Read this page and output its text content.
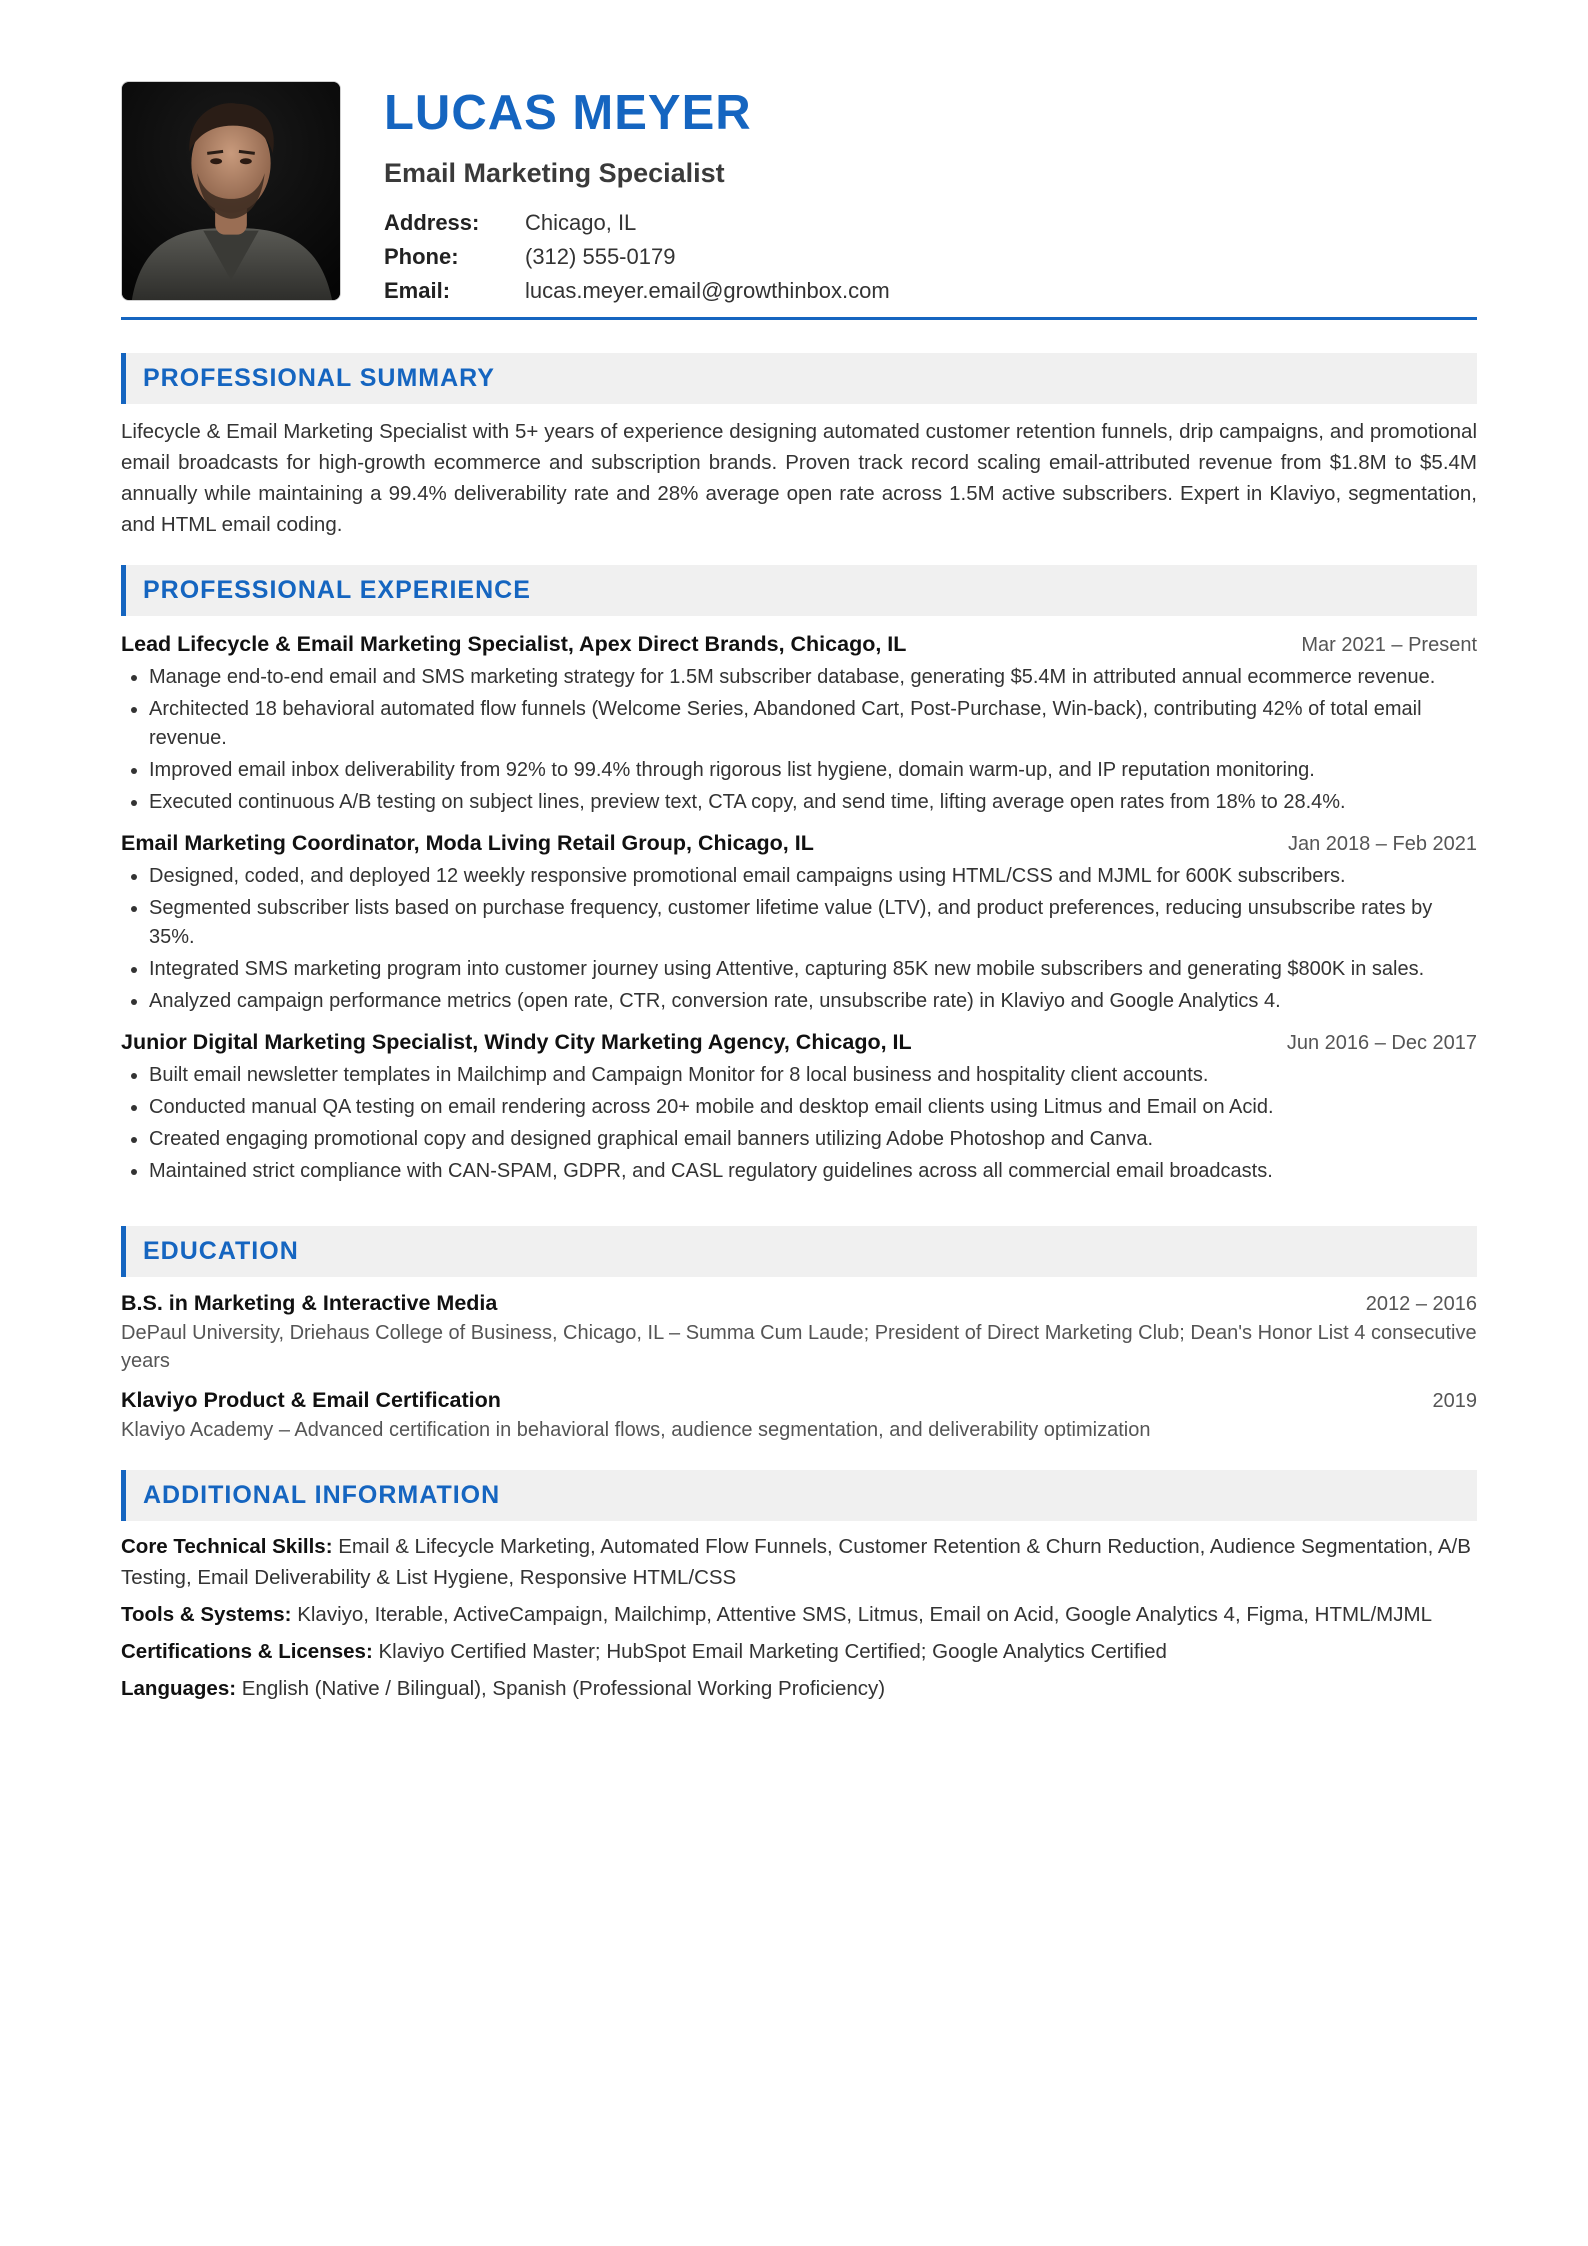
LUCAS MEYER
Email Marketing Specialist
Address:	Chicago, IL
Phone:	(312) 555-0179
Email:	lucas.meyer.email@growthinbox.com
PROFESSIONAL SUMMARY
Lifecycle & Email Marketing Specialist with 5+ years of experience designing automated customer retention funnels, drip campaigns, and promotional email broadcasts for high-growth ecommerce and subscription brands. Proven track record scaling email-attributed revenue from $1.8M to $5.4M annually while maintaining a 99.4% deliverability rate and 28% average open rate across 1.5M active subscribers. Expert in Klaviyo, segmentation, and HTML email coding.
PROFESSIONAL EXPERIENCE
Lead Lifecycle & Email Marketing Specialist, Apex Direct Brands, Chicago, IL	Mar 2021 – Present
• Manage end-to-end email and SMS marketing strategy for 1.5M subscriber database, generating $5.4M in attributed annual ecommerce revenue.
• Architected 18 behavioral automated flow funnels (Welcome Series, Abandoned Cart, Post-Purchase, Win-back), contributing 42% of total email revenue.
• Improved email inbox deliverability from 92% to 99.4% through rigorous list hygiene, domain warm-up, and IP reputation monitoring.
• Executed continuous A/B testing on subject lines, preview text, CTA copy, and send time, lifting average open rates from 18% to 28.4%.
Email Marketing Coordinator, Moda Living Retail Group, Chicago, IL	Jan 2018 – Feb 2021
• Designed, coded, and deployed 12 weekly responsive promotional email campaigns using HTML/CSS and MJML for 600K subscribers.
• Segmented subscriber lists based on purchase frequency, customer lifetime value (LTV), and product preferences, reducing unsubscribe rates by 35%.
• Integrated SMS marketing program into customer journey using Attentive, capturing 85K new mobile subscribers and generating $800K in sales.
• Analyzed campaign performance metrics (open rate, CTR, conversion rate, unsubscribe rate) in Klaviyo and Google Analytics 4.
Junior Digital Marketing Specialist, Windy City Marketing Agency, Chicago, IL	Jun 2016 – Dec 2017
• Built email newsletter templates in Mailchimp and Campaign Monitor for 8 local business and hospitality client accounts.
• Conducted manual QA testing on email rendering across 20+ mobile and desktop email clients using Litmus and Email on Acid.
• Created engaging promotional copy and designed graphical email banners utilizing Adobe Photoshop and Canva.
• Maintained strict compliance with CAN-SPAM, GDPR, and CASL regulatory guidelines across all commercial email broadcasts.
EDUCATION
B.S. in Marketing & Interactive Media	2012 – 2016
DePaul University, Driehaus College of Business, Chicago, IL – Summa Cum Laude; President of Direct Marketing Club; Dean's Honor List 4 consecutive years
Klaviyo Product & Email Certification	2019
Klaviyo Academy – Advanced certification in behavioral flows, audience segmentation, and deliverability optimization
ADDITIONAL INFORMATION
Core Technical Skills: Email & Lifecycle Marketing, Automated Flow Funnels, Customer Retention & Churn Reduction, Audience Segmentation, A/B Testing, Email Deliverability & List Hygiene, Responsive HTML/CSS
Tools & Systems: Klaviyo, Iterable, ActiveCampaign, Mailchimp, Attentive SMS, Litmus, Email on Acid, Google Analytics 4, Figma, HTML/MJML
Certifications & Licenses: Klaviyo Certified Master; HubSpot Email Marketing Certified; Google Analytics Certified
Languages: English (Native / Bilingual), Spanish (Professional Working Proficiency)
